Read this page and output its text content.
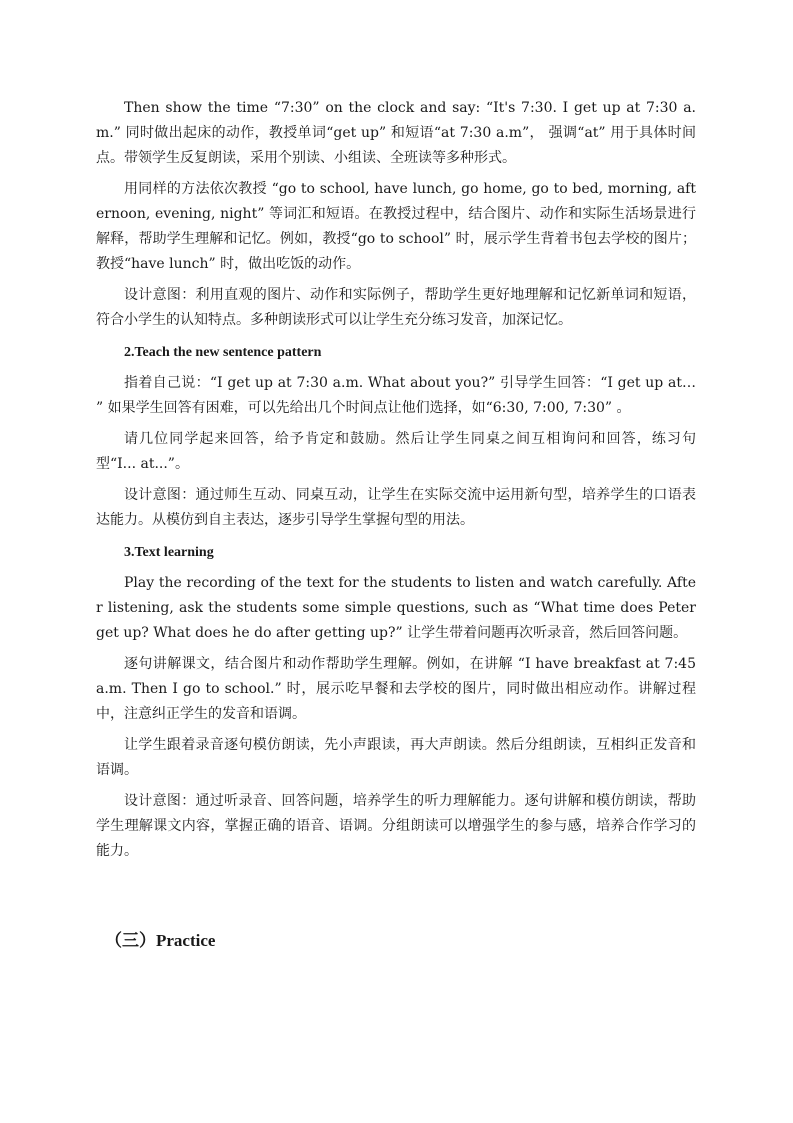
Then show the time “7:30” on the clock and say: “It's 7:30. I get up at 7:30 a.m.” 同时做出起床的动作，教授单词“get up” 和短语“at 7:30 a.m”， 强调“at” 用于具体时间点。带领学生反复朗读，采用个别读、小组读、全班读等多种形式。

用同样的方法依次教授 “go to school, have lunch, go home, go to bed, morning, afternoon, evening, night” 等词汇和短语。在教授过程中，结合图片、动作和实际生活场景进行解释，帮助学生理解和记忆。例如，教授“go to school” 时，展示学生背着书包去学校的图片；教授“have lunch” 时，做出吃饭的动作。

设计意图：利用直观的图片、动作和实际例子，帮助学生更好地理解和记忆新单词和短语，符合小学生的认知特点。多种朗读形式可以让学生充分练习发音，加深记忆。

2.Teach the new sentence pattern

指着自己说：“I get up at 7:30 a.m. What about you?” 引导学生回答：“I get up at… ” 如果学生回答有困难，可以先给出几个时间点让他们选择，如“6:30, 7:00, 7:30” 。

请几位同学起来回答，给予肯定和鼓励。然后让学生同桌之间互相询问和回答，练习句型“I... at...”。

设计意图：通过师生互动、同桌互动，让学生在实际交流中运用新句型，培养学生的口语表达能力。从模仿到自主表达，逐步引导学生掌握句型的用法。

3.Text learning

Play the recording of the text for the students to listen and watch carefully. After listening, ask the students some simple questions, such as “What time does Peter get up? What does he do after getting up?” 让学生带着问题再次听录音，然后回答问题。

逐句讲解课文，结合图片和动作帮助学生理解。例如，在讲解 “I have breakfast at 7:45 a.m. Then I go to school.” 时，展示吃早餐和去学校的图片，同时做出相应动作。讲解过程中，注意纠正学生的发音和语调。

让学生跟着录音逐句模仿朗读，先小声跟读，再大声朗读。然后分组朗读，互相纠正发音和语调。

设计意图：通过听录音、回答问题，培养学生的听力理解能力。逐句讲解和模仿朗读，帮助学生理解课文内容，掌握正确的语音、语调。分组朗读可以增强学生的参与感，培养合作学习的能力。

（三）Practice
